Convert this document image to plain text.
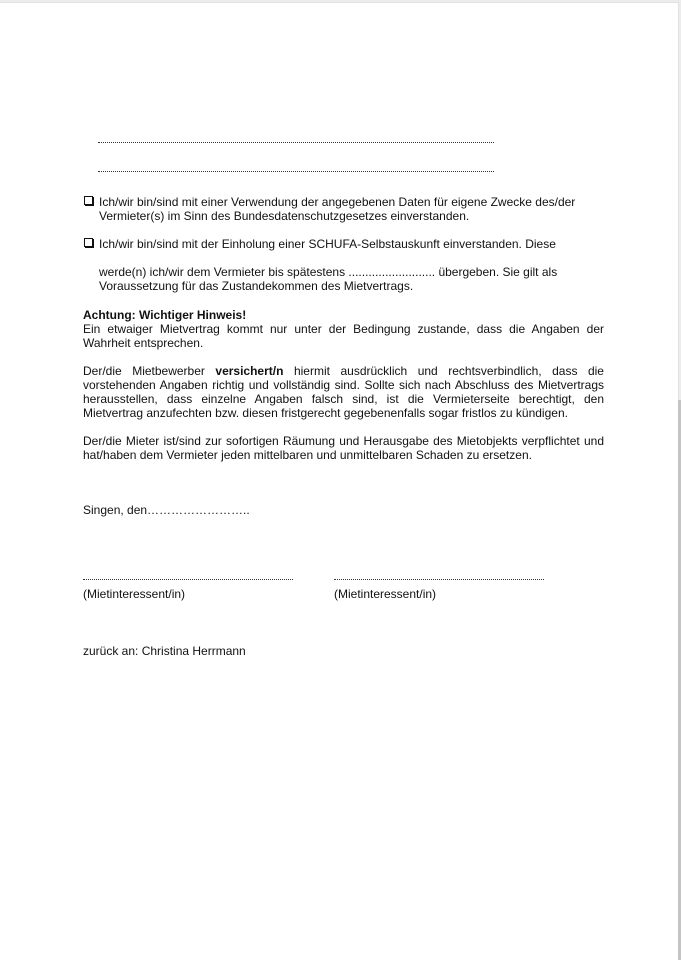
Ich/wir bin/sind mit einer Verwendung der angegebenen Daten für eigene Zwecke des/der
Vermieter(s) im Sinn des Bundesdatenschutzgesetzes einverstanden.
Ich/wir bin/sind mit der Einholung einer SCHUFA-Selbstauskunft einverstanden. Diese
werde(n) ich/wir dem Vermieter bis spätestens .......................... übergeben. Sie gilt als
Voraussetzung für das Zustandekommen des Mietvertrags.
Achtung: Wichtiger Hinweis!
Ein etwaiger Mietvertrag kommt nur unter der Bedingung zustande, dass die Angaben der Wahrheit entsprechen.
Der/die Mietbewerber versichert/n hiermit ausdrücklich und rechtsverbindlich, dass die vorstehenden Angaben richtig und vollständig sind. Sollte sich nach Abschluss des Mietvertrags herausstellen, dass einzelne Angaben falsch sind, ist die Vermieterseite berechtigt, den Mietvertrag anzufechten bzw. diesen fristgerecht gegebenenfalls sogar fristlos zu kündigen.
Der/die Mieter ist/sind zur sofortigen Räumung und Herausgabe des Mietobjekts verpflichtet und hat/haben dem Vermieter jeden mittelbaren und unmittelbaren Schaden zu ersetzen.
Singen, den……………………..
(Mietinteressent/in)	(Mietinteressent/in)
zurück an: Christina Herrmann
